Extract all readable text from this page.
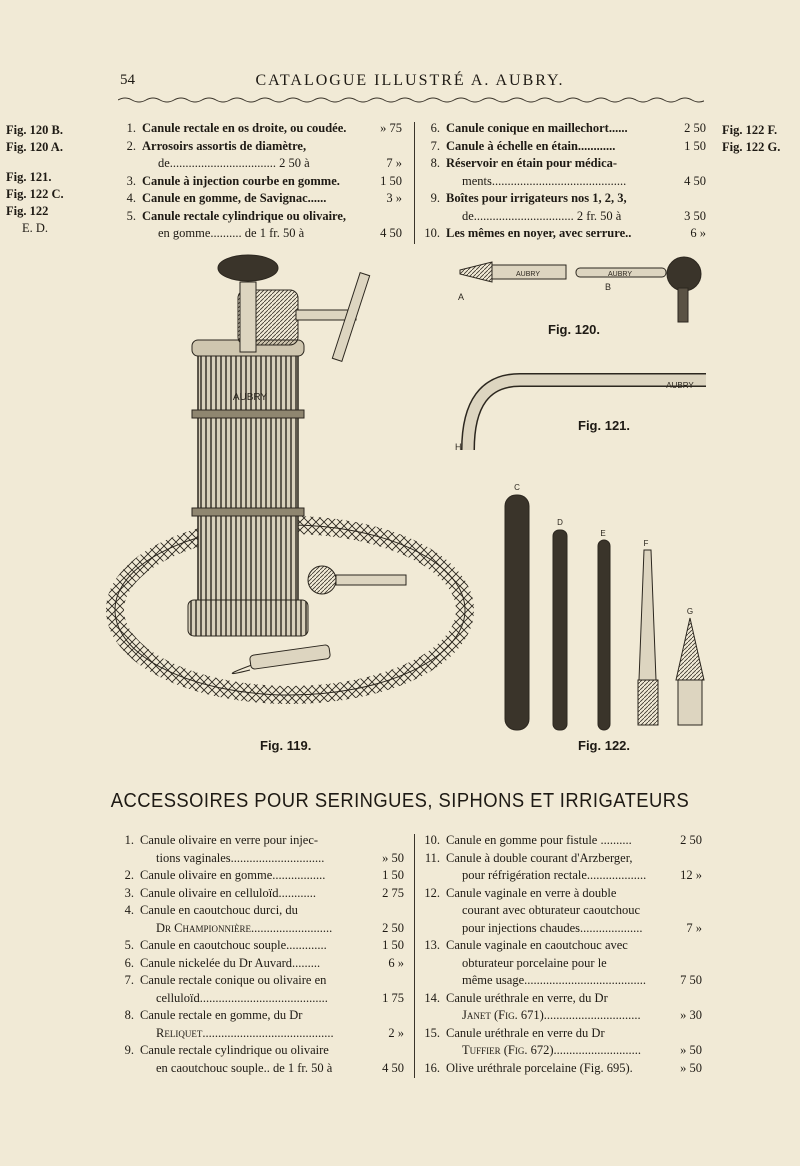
54	CATALOGUE ILLUSTRÉ A. AUBRY.
Fig. 120 B.
Fig. 120 A.
Fig. 121.
Fig. 122 C.
Fig. 122
E. D.
Fig. 122 F.
Fig. 122 G.
1. Canule rectale en os droite, ou coudée.	» 75
2. Arrosoirs assortis de diamètre,
de.................................. 2 50 à	7 »
3. Canule à injection courbe en gomme.	1 50
4. Canule en gomme, de Savignac......	3 »
5. Canule rectale cylindrique ou olivaire,
en gomme.......... de 1 fr. 50 à	4 50
6. Canule conique en maillechort......	2 50
7. Canule à échelle en étain............	1 50
8. Réservoir en étain pour médica-
ments...........................................	4 50
9. Boîtes pour irrigateurs nos 1, 2, 3,
de................................ 2 fr. 50 à	3 50
10. Les mêmes en noyer, avec serrure..	6 »
AUBRY
AUBRY	AUBRY
A
B
AUBRY
H
C
D
E
F
G
Fig. 120.
Fig. 121.
Fig. 119.	Fig. 122.
ACCESSOIRES POUR SERINGUES, SIPHONS ET IRRIGATEURS
1. Canule olivaire en verre pour injec-
tions vaginales..............................	» 50
2. Canule olivaire en gomme.................	1 50
3. Canule olivaire en celluloïd............	2 75
4. Canule en caoutchouc durci, du
Dr Championnière..........................	2 50
5. Canule en caoutchouc souple.............	1 50
6. Canule nickelée du Dr Auvard.........	6 »
7. Canule rectale conique ou olivaire en
celluloïd.........................................	1 75
8. Canule rectale en gomme, du Dr
Reliquet..........................................	2 »
9. Canule rectale cylindrique ou olivaire
en caoutchouc souple.. de 1 fr. 50 à	4 50
10. Canule en gomme pour fistule ..........	2 50
11. Canule à double courant d'Arzberger,
pour réfrigération rectale...................	12 »
12. Canule vaginale en verre à double
courant avec obturateur caoutchouc
pour injections chaudes....................	7 »
13. Canule vaginale en caoutchouc avec
obturateur porcelaine pour le
même usage.......................................	7 50
14. Canule uréthrale en verre, du Dr
Janet (Fig. 671)...............................	» 30
15. Canule uréthrale en verre du Dr
Tuffier (Fig. 672)............................	» 50
16. Olive uréthrale porcelaine (Fig. 695).	» 50
